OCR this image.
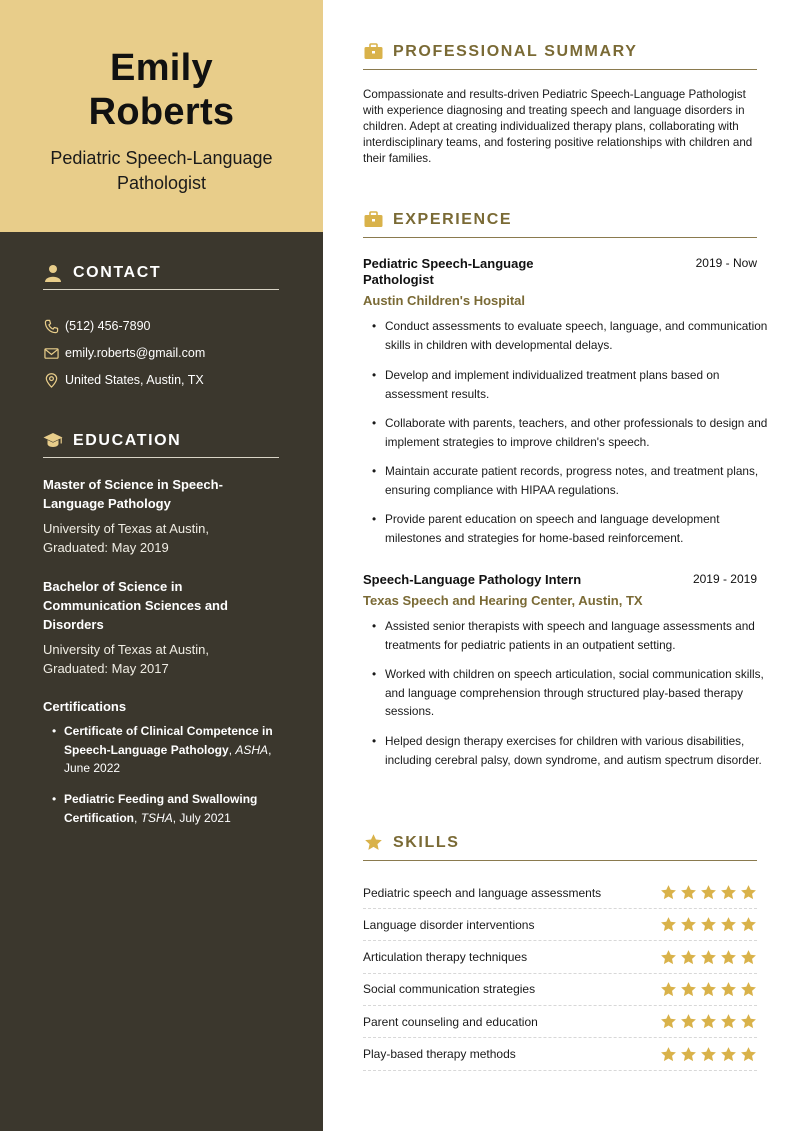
Emily Roberts
Pediatric Speech-Language Pathologist
CONTACT
(512) 456-7890
emily.roberts@gmail.com
United States, Austin, TX
EDUCATION
Master of Science in Speech-Language Pathology
University of Texas at Austin,
Graduated: May 2019
Bachelor of Science in Communication Sciences and Disorders
University of Texas at Austin,
Graduated: May 2017
Certifications
• Certificate of Clinical Competence in Speech-Language Pathology, ASHA, June 2022
• Pediatric Feeding and Swallowing Certification, TSHA, July 2021
PROFESSIONAL SUMMARY
Compassionate and results-driven Pediatric Speech-Language Pathologist with experience diagnosing and treating speech and language disorders in children. Adept at creating individualized therapy plans, collaborating with interdisciplinary teams, and fostering positive relationships with children and their families.
EXPERIENCE
Pediatric Speech-Language Pathologist
2019 - Now
Austin Children's Hospital
• Conduct assessments to evaluate speech, language, and communication skills in children with developmental delays.
• Develop and implement individualized treatment plans based on assessment results.
• Collaborate with parents, teachers, and other professionals to design and implement strategies to improve children's speech.
• Maintain accurate patient records, progress notes, and treatment plans, ensuring compliance with HIPAA regulations.
• Provide parent education on speech and language development milestones and strategies for home-based reinforcement.
Speech-Language Pathology Intern	2019 - 2019
Texas Speech and Hearing Center, Austin, TX
• Assisted senior therapists with speech and language assessments and treatments for pediatric patients in an outpatient setting.
• Worked with children on speech articulation, social communication skills, and language comprehension through structured play-based therapy sessions.
• Helped design therapy exercises for children with various disabilities, including cerebral palsy, down syndrome, and autism spectrum disorder.
SKILLS
Pediatric speech and language assessments
Language disorder interventions
Articulation therapy techniques
Social communication strategies
Parent counseling and education
Play-based therapy methods
